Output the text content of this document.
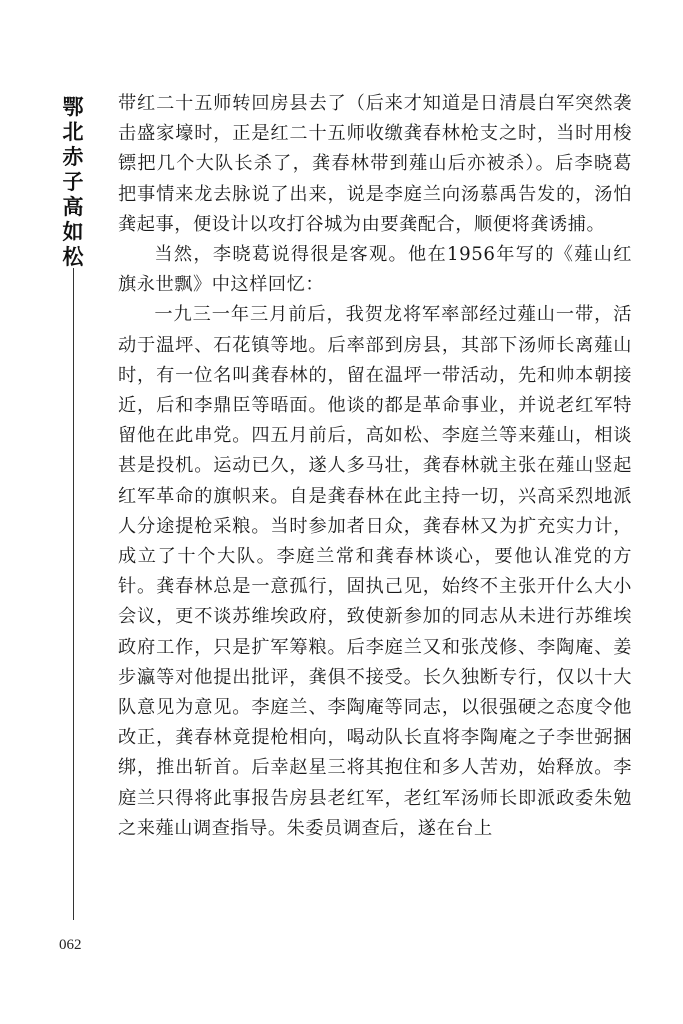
鄂
北
赤
子
高
如
松

带红二十五师转回房县去了（后来才知道是日清晨白军突然袭击盛家壕时，正是红二十五师收缴龚春林枪支之时，当时用梭镖把几个大队长杀了，龚春林带到薤山后亦被杀）。后李晓葛把事情来龙去脉说了出来，说是李庭兰向汤慕禹告发的，汤怕龚起事，便设计以攻打谷城为由要龚配合，顺便将龚诱捕。

当然，李晓葛说得很是客观。他在1956年写的《薤山红旗永世飘》中这样回忆：

一九三一年三月前后，我贺龙将军率部经过薤山一带，活动于温坪、石花镇等地。后率部到房县，其部下汤师长离薤山时，有一位名叫龚春林的，留在温坪一带活动，先和帅本朝接近，后和李鼎臣等晤面。他谈的都是革命事业，并说老红军特留他在此串党。四五月前后，高如松、李庭兰等来薤山，相谈甚是投机。运动已久，遂人多马壮，龚春林就主张在薤山竖起红军革命的旗帜来。自是龚春林在此主持一切，兴高采烈地派人分途提枪采粮。当时参加者日众，龚春林又为扩充实力计，成立了十个大队。李庭兰常和龚春林谈心，要他认准党的方针。龚春林总是一意孤行，固执己见，始终不主张开什么大小会议，更不谈苏维埃政府，致使新参加的同志从未进行苏维埃政府工作，只是扩军筹粮。后李庭兰又和张茂修、李陶庵、姜步瀛等对他提出批评，龚俱不接受。长久独断专行，仅以十大队意见为意见。李庭兰、李陶庵等同志，以很强硬之态度令他改正，龚春林竟提枪相向，喝动队长直将李陶庵之子李世弼捆绑，推出斩首。后幸赵星三将其抱住和多人苦劝，始释放。李庭兰只得将此事报告房县老红军，老红军汤师长即派政委朱勉之来薤山调查指导。朱委员调查后，遂在台上

062
